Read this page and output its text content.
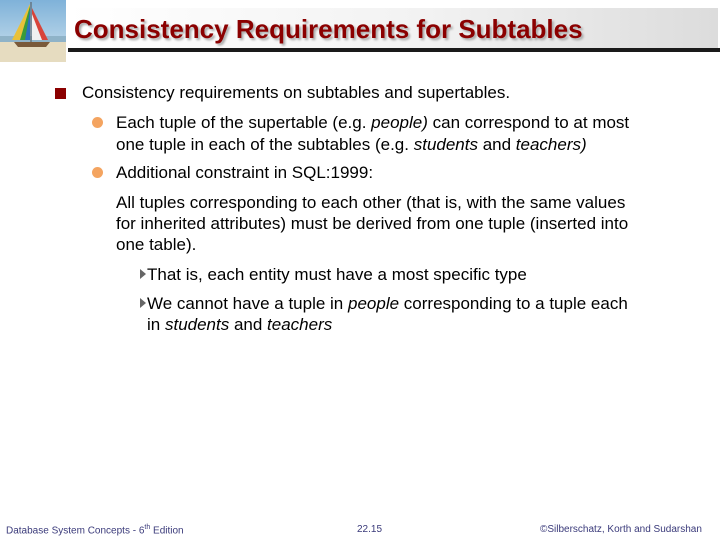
Consistency Requirements for Subtables
Consistency requirements on subtables and supertables.
Each tuple of the supertable (e.g. people) can correspond to at most
one tuple in each of the subtables (e.g. students and teachers)
Additional constraint in SQL:1999:
All tuples corresponding to each other (that is, with the same values
for inherited attributes) must be derived from one tuple (inserted into
one table).
That is, each entity must have a most specific type
We cannot have a tuple in people corresponding to a tuple each
in students and teachers
Database System Concepts - 6th Edition	22.15	©Silberschatz, Korth and Sudarshan
